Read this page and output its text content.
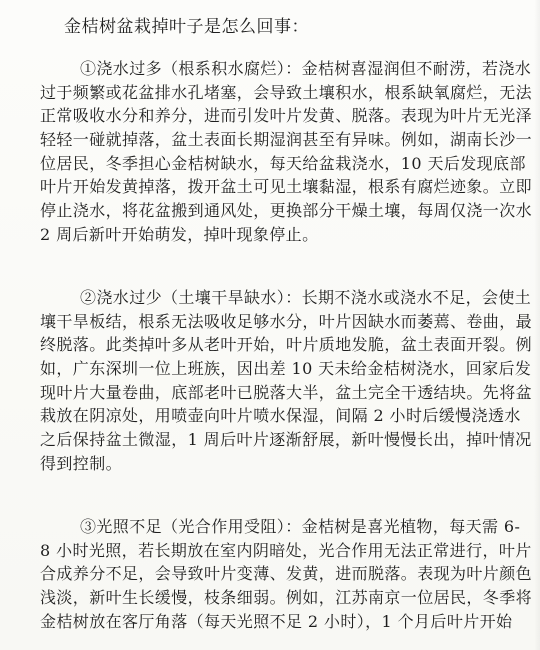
金桔树盆栽掉叶子是怎么回事：
①浇水过多（根系积水腐烂）：金桔树喜湿润但不耐涝，若浇水
过于频繁或花盆排水孔堵塞，会导致土壤积水，根系缺氧腐烂，无法
正常吸收水分和养分，进而引发叶片发黄、脱落。表现为叶片无光泽
轻轻一碰就掉落，盆土表面长期湿润甚至有异味。例如，湖南长沙一
位居民，冬季担心金桔树缺水，每天给盆栽浇水，10 天后发现底部
叶片开始发黄掉落，拨开盆土可见土壤黏湿，根系有腐烂迹象。立即
停止浇水，将花盆搬到通风处，更换部分干燥土壤，每周仅浇一次水
2 周后新叶开始萌发，掉叶现象停止。
②浇水过少（土壤干旱缺水）：长期不浇水或浇水不足，会使土
壤干旱板结，根系无法吸收足够水分，叶片因缺水而萎蔫、卷曲，最
终脱落。此类掉叶多从老叶开始，叶片质地发脆，盆土表面开裂。例
如，广东深圳一位上班族，因出差 10 天未给金桔树浇水，回家后发
现叶片大量卷曲，底部老叶已脱落大半，盆土完全干透结块。先将盆
栽放在阴凉处，用喷壶向叶片喷水保湿，间隔 2 小时后缓慢浇透水
之后保持盆土微湿，1 周后叶片逐渐舒展，新叶慢慢长出，掉叶情况
得到控制。
③光照不足（光合作用受阻）：金桔树是喜光植物，每天需 6-
8 小时光照，若长期放在室内阴暗处，光合作用无法正常进行，叶片
合成养分不足，会导致叶片变薄、发黄，进而脱落。表现为叶片颜色
浅淡，新叶生长缓慢，枝条细弱。例如，江苏南京一位居民，冬季将
金桔树放在客厅角落（每天光照不足 2 小时），1 个月后叶片开始
